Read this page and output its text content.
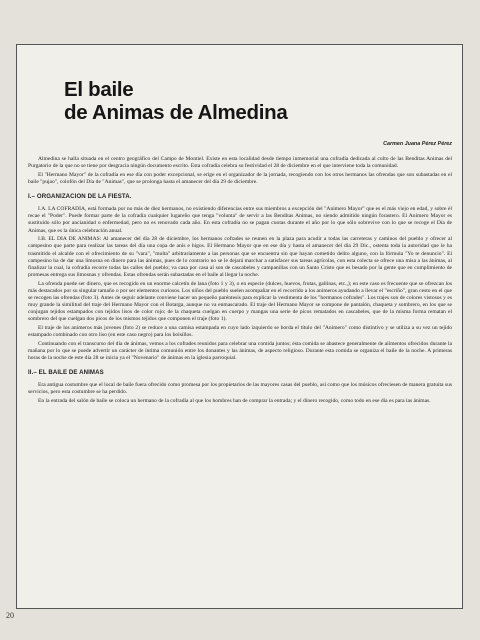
El baile
de Animas de Almedina
Carmen Juana Pérez Pérez

Almedina se halla situada en el centro geográfico del Campo de Montiel. Existe en esta localidad desde tiempo inmemorial una cofradía dedicada al culto de las Benditas Animas del Purgatorio de la que no se tiene por desgracia ningún documento escrito. Esta cofradía celebra su festividad el 28 de diciembre en el que interviene toda la comunidad.

El "Hermano Mayor" de la cofradía en ese día con poder excepcional, se erige en el organizador de la jornada, recogiendo con los otros hermanos las ofrendas que son subastadas en el baile "pujao", colofón del Día de "Animas", que se prolonga hasta el amanecer del día 29 de diciembre.

I.– ORGANIZACION DE LA FIESTA.

I.A. LA COFRADIA, está formada por no más de diez hermanos, no existiendo diferencias entre sus miembros a excepción del "Animero Mayor" que es el más viejo en edad, y sobre él recae el "Poder". Puede formar parte de la cofradía cualquier lugareño que tenga "volunta" de servir a las Benditas Animas, no siendo admitido ningún forastero. El Animero Mayor es sustituido sólo por ancianidad o enfermedad, pero no es renovado cada año. En esta cofradía no se pagan cuotas durante el año por lo que sólo sobrevive con lo que se recoge el Día de Animas, que es la única celebración anual.

I.B. EL DIA DE ANIMAS: Al amanecer del día 28 de diciembre, los hermanos cofrades se reunen en la plaza para acudir a todas las carreteras y caminos del pueblo y ofrecer al campesino que parte para realizar las tareas del día una copa de anís e higos. El Hermano Mayor que en ese día y hasta el amanecer del día 29 Dic., ostenta toda la autoridad que le ha trasmitido el alcalde con el ofrecimiento de su "vara", "multa" arbitrariamente a las personas que se encuentra sin que hayan cometido delito alguno, con la fórmula "Yo te denuncio". El campesino ha de dar una limosna en dinero para las ánimas, pues de lo contrario no se le dejará marchar a satisfacer sus tareas agrícolas, con esta colecta se ofrece una misa a las ánimas, al finalizar la cual, la cofradía recorre todas las calles del pueblo; va casa por casa al son de cascabeles y campanillas con un Santo Cristo que es besado por la gente que en cumplimiento de promesas entrega sus limosnas y ofrendas. Estas ofrendas serán subastadas en el baile al llegar la noche.

La ofrenda puede ser dinero, que es recogido en un enorme calcetín de lana (foto 1 y 3), o en especie (dulces, huevos, frutas, gallinas, etc.,); en este caso es frecuente que se ofrezcan los más destacados por su singular tamaño o por ser elementos curiosos. Los niños del pueblo suelen acompañar en el recorrido a los animeros ayudando a llevar el "escriño", gran cesto en el que se recogen las ofrendas (foto 3). Antes de seguir adelante conviene hacer un pequeño paréntesis para explicar la vestimenta de los "hermanos cofrades". Los trajes son de colores vistosos y es muy grande la similitud del traje del Hermano Mayor con el Botarga, aunque no va enmascarado. El traje del Hermano Mayor se compone de pantalón, chaqueta y sombrero, en los que se conjugan tejidos estampados con tejidos lisos de color rojo; de la chaqueta cuelgan en cuerpo y mangas una serie de picos rematados en cascabeles, que de la misma forma rematan el sombrero del que cuelgan dos picos de los mismos tejidos que componen el traje (foto 1).

El traje de los animeros más jovenes (foto 2) se reduce a una camisa estampada en cuyo lado izquierdo se borda el título del "Animero" como distintivo y se utiliza a su vez un tejido estampado combinado con otro liso (en este caso negro) para los bolsillos.

Continuando con el transcurso del día de ánimas, vemos a los cofrades reunidos para celebrar una comida juntos; ésta comida se abastece generalmente de alimentos ofrecidos durante la mañana por lo que se puede advertir un carácter de íntima comunión entre los donantes y las ánimas, de aspecto religioso. Durante esta comida se organiza el baile de la noche. A primeras horas de la noche de este día 28 se inicia ya el "Novenario" de ánimas en la iglesia parroquial.

II.– EL BAILE DE ANIMAS

Era antigua costumbre que el local de baile fuera ofrecido como promesa por los propietarios de las mayores casas del pueblo, así como que los músicos ofreciesen de manera gratuita sus servicios, pero esta costumbre se ha perdido.

En la entrada del salón de baile se coloca un hermano de la cofradía al que los hombres han de comprar la entrada; y el dinero recogido, como todo en ese día es para las ánimas.

20
